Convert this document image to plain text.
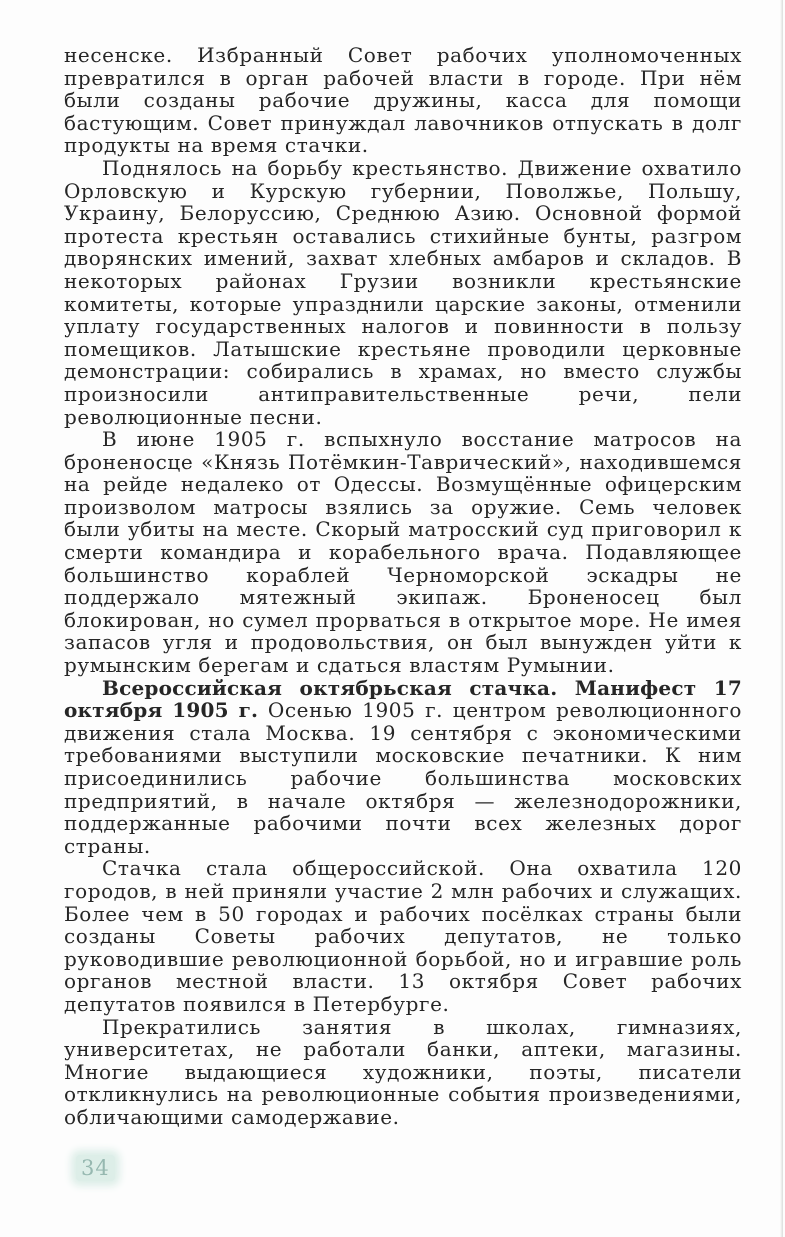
несенске. Избранный Совет рабочих уполномоченных превратился в орган рабочей власти в городе. При нём были созданы рабочие дружины, касса для помощи бастующим. Совет принуждал лавочников отпускать в долг продукты на время стачки.

Поднялось на борьбу крестьянство. Движение охватило Орловскую и Курскую губернии, Поволжье, Польшу, Украину, Белоруссию, Среднюю Азию. Основной формой протеста крестьян оставались стихийные бунты, разгром дворянских имений, захват хлебных амбаров и складов. В некоторых районах Грузии возникли крестьянские комитеты, которые упразднили царские законы, отменили уплату государственных налогов и повинности в пользу помещиков. Латышские крестьяне проводили церковные демонстрации: собирались в храмах, но вместо службы произносили антиправительственные речи, пели революционные песни.

В июне 1905 г. вспыхнуло восстание матросов на броненосце «Князь Потёмкин-Таврический», находившемся на рейде недалеко от Одессы. Возмущённые офицерским произволом матросы взялись за оружие. Семь человек были убиты на месте. Скорый матросский суд приговорил к смерти командира и корабельного врача. Подавляющее большинство кораблей Черноморской эскадры не поддержало мятежный экипаж. Броненосец был блокирован, но сумел прорваться в открытое море. Не имея запасов угля и продовольствия, он был вынужден уйти к румынским берегам и сдаться властям Румынии.

Всероссийская октябрьская стачка. Манифест 17 октября 1905 г. Осенью 1905 г. центром революционного движения стала Москва. 19 сентября с экономическими требованиями выступили московские печатники. К ним присоединились рабочие большинства московских предприятий, в начале октября — железнодорожники, поддержанные рабочими почти всех железных дорог страны.

Стачка стала общероссийской. Она охватила 120 городов, в ней приняли участие 2 млн рабочих и служащих. Более чем в 50 городах и рабочих посёлках страны были созданы Советы рабочих депутатов, не только руководившие революционной борьбой, но и игравшие роль органов местной власти. 13 октября Совет рабочих депутатов появился в Петербурге.

Прекратились занятия в школах, гимназиях, университетах, не работали банки, аптеки, магазины. Многие выдающиеся художники, поэты, писатели откликнулись на революционные события произведениями, обличающими самодержавие.

34
